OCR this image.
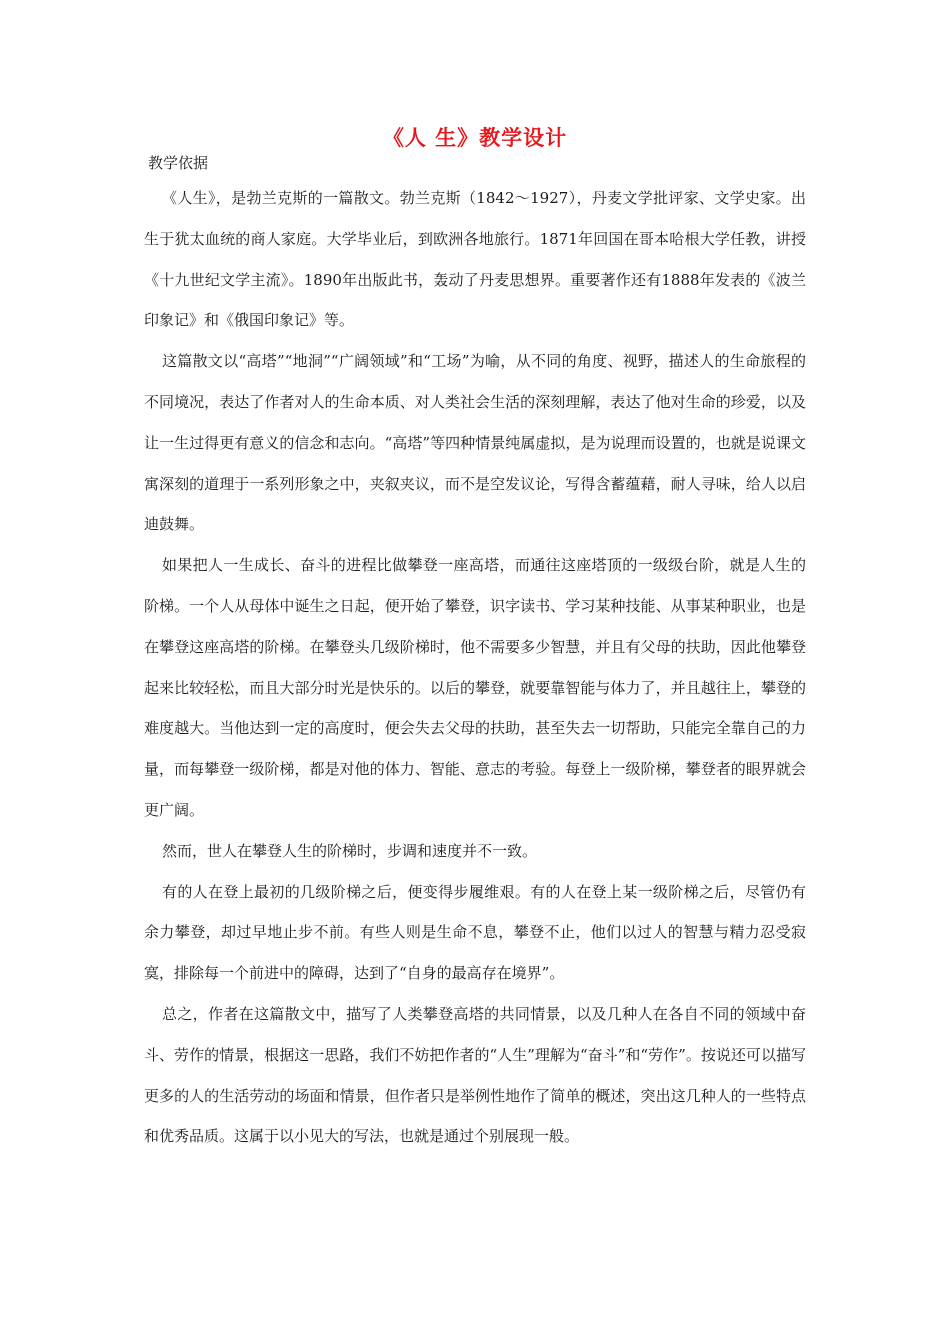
《人 生》教学设计
教学依据

《人生》，是勃兰克斯的一篇散文。勃兰克斯（1842～1927），丹麦文学批评家、文学史家。出生于犹太血统的商人家庭。大学毕业后，到欧洲各地旅行。1871年回国在哥本哈根大学任教，讲授《十九世纪文学主流》。1890年出版此书，轰动了丹麦思想界。重要著作还有1888年发表的《波兰印象记》和《俄国印象记》等。

这篇散文以“高塔”“地洞”“广阔领域”和“工场”为喻，从不同的角度、视野，描述人的生命旅程的不同境况，表达了作者对人的生命本质、对人类社会生活的深刻理解，表达了他对生命的珍爱，以及让一生过得更有意义的信念和志向。“高塔”等四种情景纯属虚拟，是为说理而设置的，也就是说课文寓深刻的道理于一系列形象之中，夹叙夹议，而不是空发议论，写得含蓄蕴藉，耐人寻味，给人以启迪鼓舞。

如果把人一生成长、奋斗的进程比做攀登一座高塔，而通往这座塔顶的一级级台阶，就是人生的阶梯。一个人从母体中诞生之日起，便开始了攀登，识字读书、学习某种技能、从事某种职业，也是在攀登这座高塔的阶梯。在攀登头几级阶梯时，他不需要多少智慧，并且有父母的扶助，因此他攀登起来比较轻松，而且大部分时光是快乐的。以后的攀登，就要靠智能与体力了，并且越往上，攀登的难度越大。当他达到一定的高度时，便会失去父母的扶助，甚至失去一切帮助，只能完全靠自己的力量，而每攀登一级阶梯，都是对他的体力、智能、意志的考验。每登上一级阶梯，攀登者的眼界就会更广阔。

然而，世人在攀登人生的阶梯时，步调和速度并不一致。

有的人在登上最初的几级阶梯之后，便变得步履维艰。有的人在登上某一级阶梯之后，尽管仍有余力攀登，却过早地止步不前。有些人则是生命不息，攀登不止，他们以过人的智慧与精力忍受寂寞，排除每一个前进中的障碍，达到了“自身的最高存在境界”。

总之，作者在这篇散文中，描写了人类攀登高塔的共同情景，以及几种人在各自不同的领域中奋斗、劳作的情景，根据这一思路，我们不妨把作者的“人生”理解为“奋斗”和“劳作”。按说还可以描写更多的人的生活劳动的场面和情景，但作者只是举例性地作了简单的概述，突出这几种人的一些特点和优秀品质。这属于以小见大的写法，也就是通过个别展现一般。
